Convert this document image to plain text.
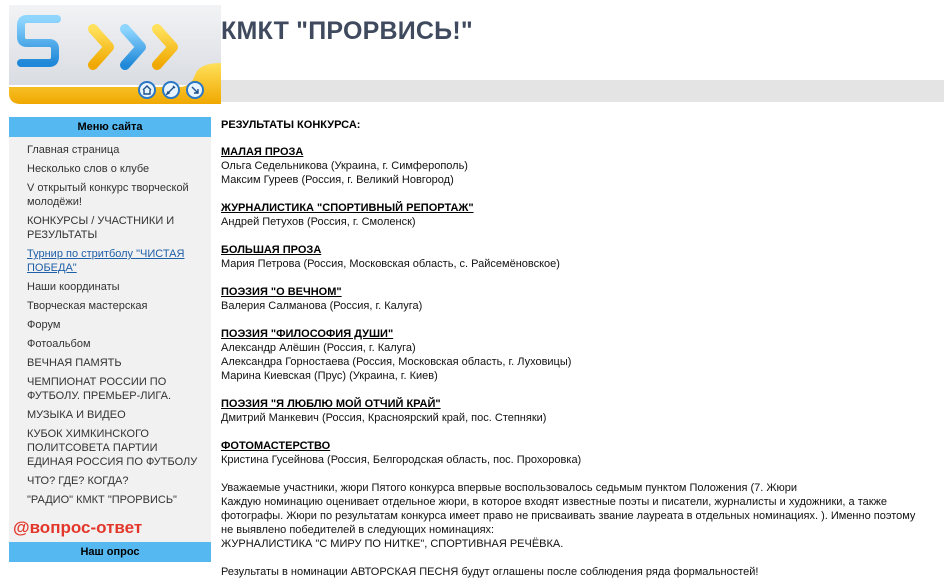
КМКТ "ПРОРВИСЬ!"
Меню сайта
Главная страница
Несколько слов о клубе
V открытый конкурс творческой молодёжи!
КОНКУРСЫ / УЧАСТНИКИ И РЕЗУЛЬТАТЫ
Турнир по стритболу "ЧИСТАЯ ПОБЕДА"
Наши координаты
Творческая мастерская
Форум
Фотоальбом
ВЕЧНАЯ ПАМЯТЬ
ЧЕМПИОНАТ РОССИИ ПО ФУТБОЛУ. ПРЕМЬЕР-ЛИГА.
МУЗЫКА И ВИДЕО
КУБОК ХИМКИНСКОГО ПОЛИТСОВЕТА ПАРТИИ ЕДИНАЯ РОССИЯ ПО ФУТБОЛУ
ЧТО? ГДЕ? КОГДА?
"РАДИО" КМКТ "ПРОРВИСЬ"
@вопрос-ответ
Наш опрос
РЕЗУЛЬТАТЫ КОНКУРСА:
МАЛАЯ ПРОЗА
Ольга Седельникова (Украина, г. Симферополь)
Максим Гуреев (Россия, г. Великий Новгород)
ЖУРНАЛИСТИКА "СПОРТИВНЫЙ РЕПОРТАЖ"
Андрей Петухов (Россия, г. Смоленск)
БОЛЬШАЯ ПРОЗА
Мария Петрова (Россия, Московская область, с. Райсемёновское)
ПОЭЗИЯ "О ВЕЧНОМ"
Валерия Салманова (Россия, г. Калуга)
ПОЭЗИЯ "ФИЛОСОФИЯ ДУШИ"
Александр Алёшин (Россия, г. Калуга)
Александра Горностаева (Россия, Московская область, г. Луховицы)
Марина Киевская (Прус) (Украина, г. Киев)
ПОЭЗИЯ "Я ЛЮБЛЮ МОЙ ОТЧИЙ КРАЙ"
Дмитрий Манкевич (Россия, Красноярский край, пос. Степняки)
ФОТОМАСТЕРСТВО
Кристина Гусейнова (Россия, Белгородская область, пос. Прохоровка)

Уважаемые участники, жюри Пятого конкурса впервые воспользовалось седьмым пунктом Положения (7. Жюри

Каждую номинацию оценивает отдельное жюри, в которое входят известные поэты и писатели, журналисты и художники, а также

фотографы. Жюри по результатам конкурса имеет право не присваивать звание лауреата в отдельных номинациях. ). Именно поэтому

не выявлено победителей в следующих номинациях:

ЖУРНАЛИСТИКА "С МИРУ ПО НИТКЕ", СПОРТИВНАЯ РЕЧЁВКА.

Результаты в номинации АВТОРСКАЯ ПЕСНЯ будут оглашены после соблюдения ряда формальностей!
